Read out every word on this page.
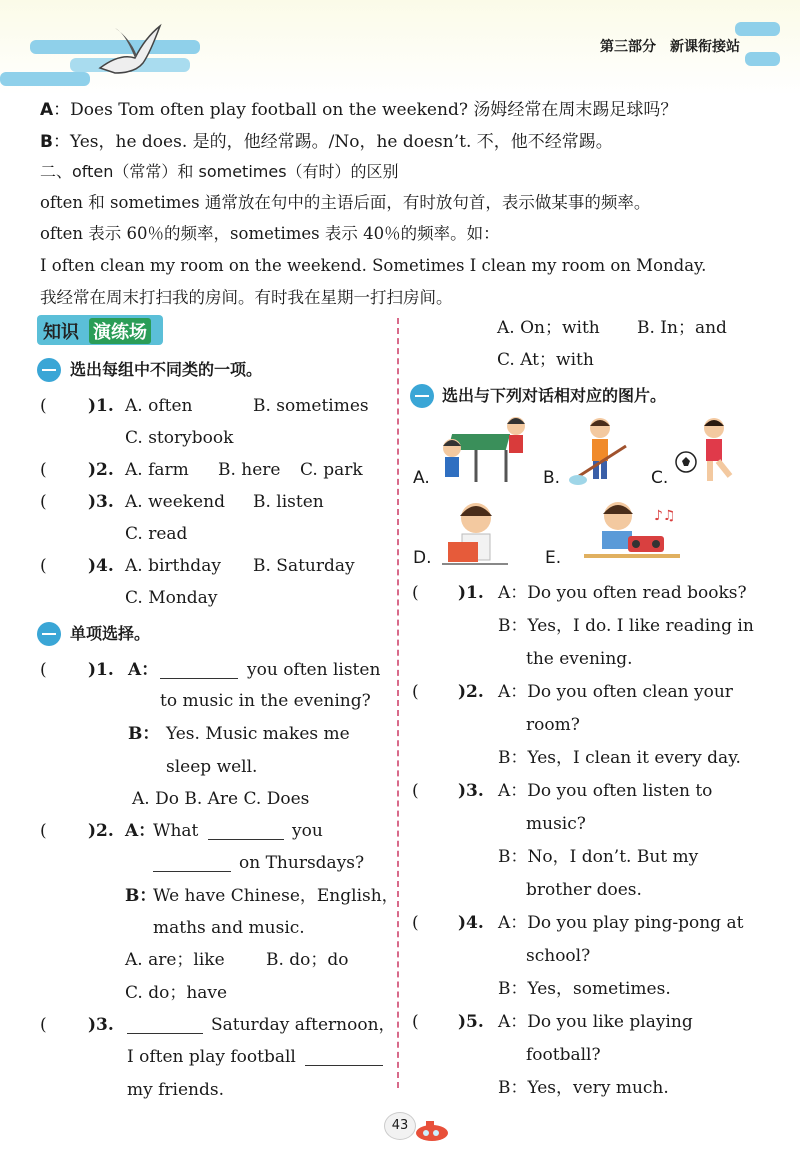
第三部分　新课衔接站
A：Does Tom often play football on the weekend? 汤姆经常在周末踢足球吗？
B：Yes，he does. 是的，他经常踢。/No，he doesn’t. 不，他不经常踢。
二、often（常常）和 sometimes（有时）的区别
often 和 sometimes 通常放在句中的主语后面，有时放句首，表示做某事的频率。
often 表示 60％的频率，sometimes 表示 40％的频率。如：
I often clean my room on the weekend. Sometimes I clean my room on Monday.
我经常在周末打扫我的房间。有时我在星期一打扫房间。
知识 演练场
选出每组中不同类的一项。
( )1. A. often	B. sometimes
C. storybook
( )2. A. farm B. here C. park
( )3. A. weekend B. listen
C. read
( )4. A. birthday B. Saturday
C. Monday
单项选择。
( )1. A：	you often listen
to music in the evening?
B： Yes. Music makes me
sleep well.
A. Do B. Are C. Does
( )2. A：
What	you
on Thursdays?
B：
We have Chinese，English，
maths and music.
A. are；like B. do；do
C. do；have
( )3.	Saturday afternoon，
I often play football
my friends.
A. On；with B. In；and
C. At；with
选出与下列对话相对应的图片。
A.	B.	C.
D.	E.
♪♫
( )1. A：Do you often read books?
B：Yes，I do. I like reading in
the evening.
( )2. A：Do you often clean your
room?
B：Yes，I clean it every day.
( )3. A：Do you often listen to
music?
B：No，I don’t. But my
brother does.
( )4. A：Do you play ping-pong at
school?
B：Yes，sometimes.
( )5. A：Do you like playing
football?
B：Yes，very much.
43
